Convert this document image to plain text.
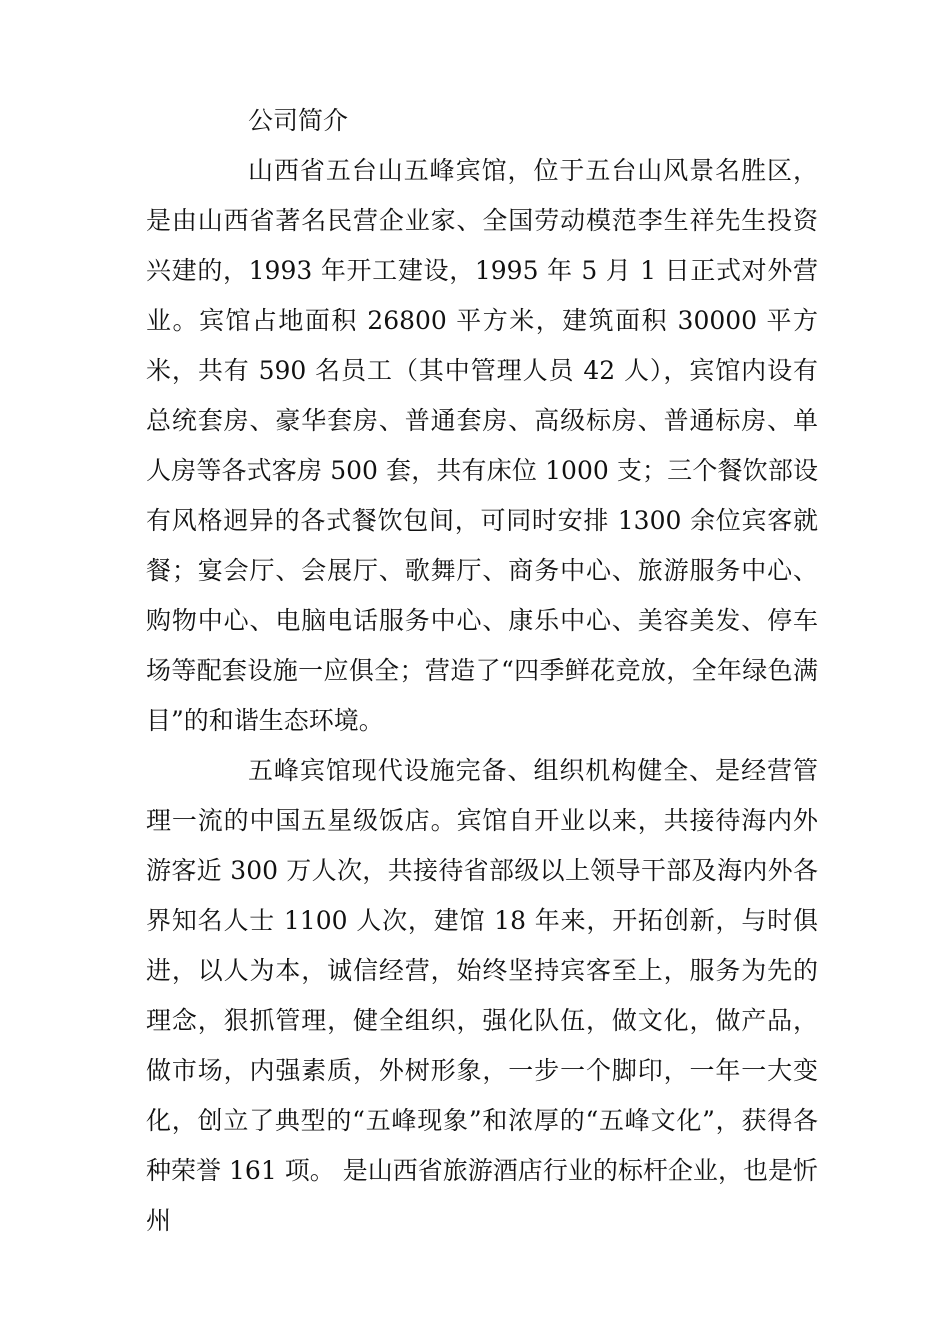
公司简介

山西省五台山五峰宾馆，位于五台山风景名胜区，是由山西省著名民营企业家、全国劳动模范李生祥先生投资兴建的，1993 年开工建设，1995 年 5 月 1 日正式对外营业。宾馆占地面积 26800 平方米，建筑面积 30000 平方米，共有 590 名员工（其中管理人员 42 人），宾馆内设有总统套房、豪华套房、普通套房、高级标房、普通标房、单人房等各式客房 500 套，共有床位 1000 支；三个餐饮部设有风格迥异的各式餐饮包间，可同时安排 1300 余位宾客就餐；宴会厅、会展厅、歌舞厅、商务中心、旅游服务中心、购物中心、电脑电话服务中心、康乐中心、美容美发、停车场等配套设施一应俱全；营造了“四季鲜花竞放，全年绿色满目”的和谐生态环境。

五峰宾馆现代设施完备、组织机构健全、是经营管理一流的中国五星级饭店。宾馆自开业以来，共接待海内外游客近 300 万人次，共接待省部级以上领导干部及海内外各界知名人士 1100 人次，建馆 18 年来，开拓创新，与时俱进，以人为本，诚信经营，始终坚持宾客至上，服务为先的理念，狠抓管理，健全组织，强化队伍，做文化，做产品，做市场，内强素质，外树形象，一步一个脚印，一年一大变化，创立了典型的“五峰现象”和浓厚的“五峰文化”，获得各种荣誉 161 项。 是山西省旅游酒店行业的标杆企业，也是忻州
